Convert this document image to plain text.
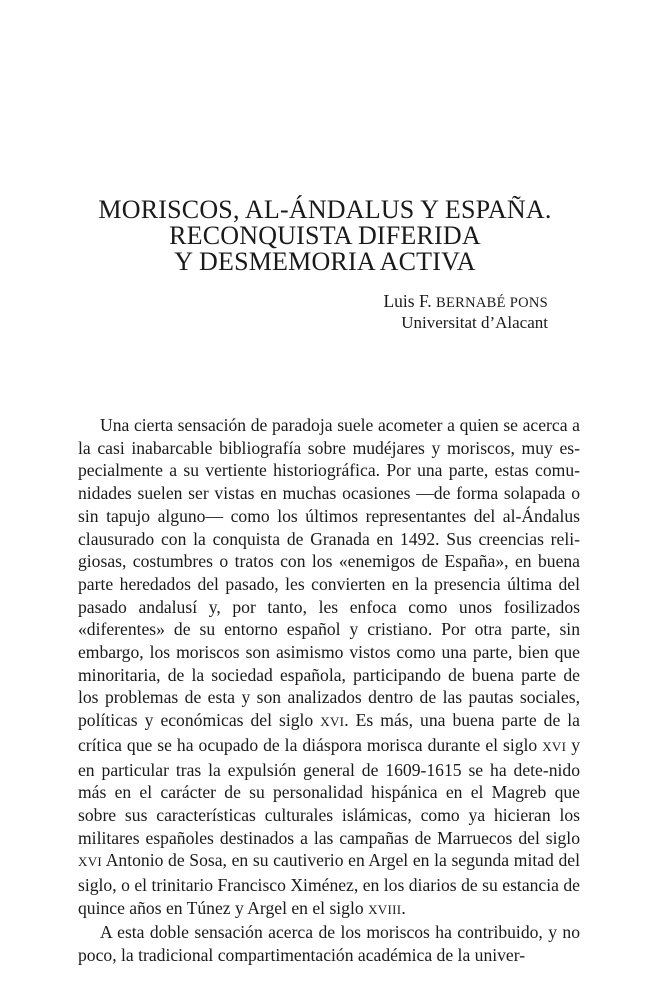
MORISCOS, AL-ÁNDALUS Y ESPAÑA.
RECONQUISTA DIFERIDA
Y DESMEMORIA ACTIVA
Luis F. BERNABÉ PONS
Universitat d’Alacant

Una cierta sensación de paradoja suele acometer a quien se acerca a la casi inabarcable bibliografía sobre mudéjares y moriscos, muy es-pecialmente a su vertiente historiográfica. Por una parte, estas comu-nidades suelen ser vistas en muchas ocasiones —de forma solapada o sin tapujo alguno— como los últimos representantes del al-Ándalus clausurado con la conquista de Granada en 1492. Sus creencias reli-giosas, costumbres o tratos con los «enemigos de España», en buena parte heredados del pasado, les convierten en la presencia última del pasado andalusí y, por tanto, les enfoca como unos fosilizados «diferentes» de su entorno español y cristiano. Por otra parte, sin embargo, los moriscos son asimismo vistos como una parte, bien que minoritaria, de la sociedad española, participando de buena parte de los problemas de esta y son analizados dentro de las pautas sociales, políticas y económicas del siglo XVI. Es más, una buena parte de la crítica que se ha ocupado de la diáspora morisca durante el siglo XVI y en particular tras la expulsión general de 1609-1615 se ha dete-nido más en el carácter de su personalidad hispánica en el Magreb que sobre sus características culturales islámicas, como ya hicieran los militares españoles destinados a las campañas de Marruecos del siglo XVI Antonio de Sosa, en su cautiverio en Argel en la segunda mitad del siglo, o el trinitario Francisco Ximénez, en los diarios de su estancia de quince años en Túnez y Argel en el siglo XVIII.

A esta doble sensación acerca de los moriscos ha contribuido, y no poco, la tradicional compartimentación académica de la univer-
